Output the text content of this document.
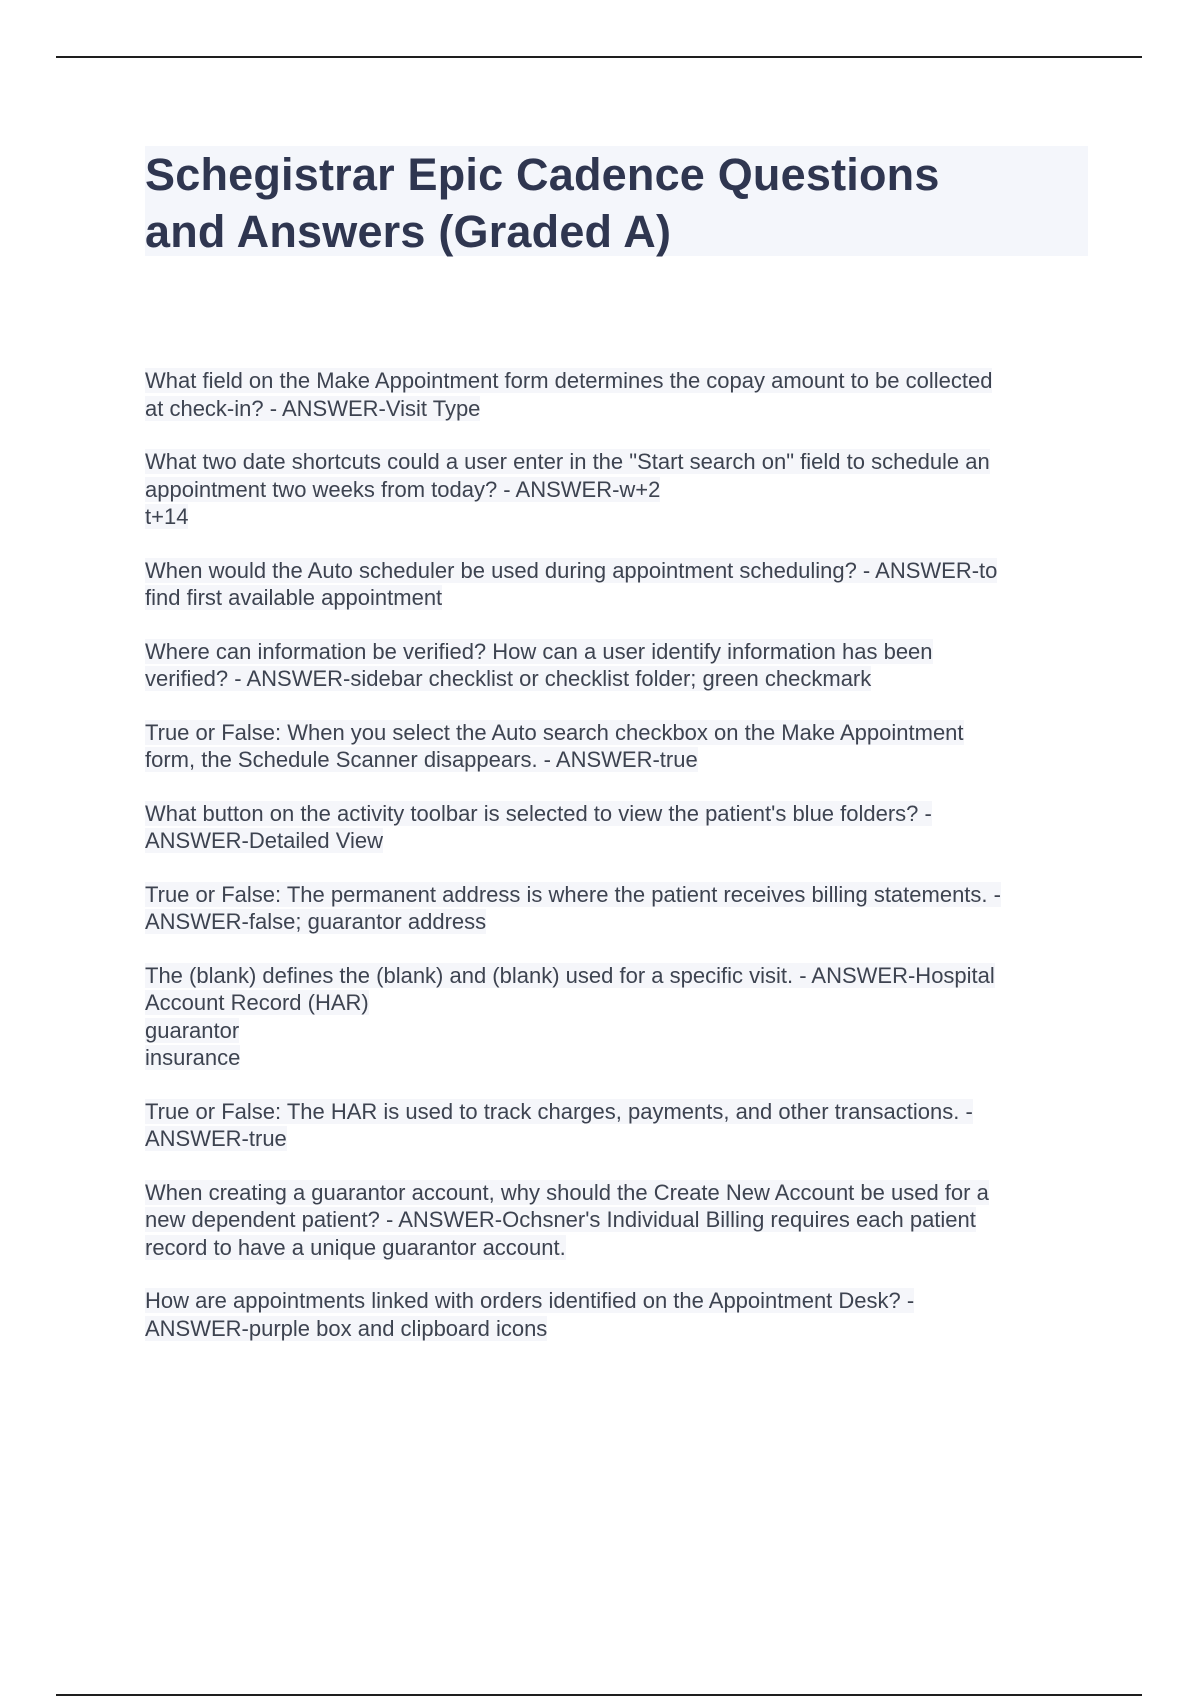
Schegistrar Epic Cadence Questions
and Answers (Graded A)
What field on the Make Appointment form determines the copay amount to be collected
at check-in? - ANSWER-Visit Type
What two date shortcuts could a user enter in the "Start search on" field to schedule an
appointment two weeks from today? - ANSWER-w+2
t+14
When would the Auto scheduler be used during appointment scheduling? - ANSWER-to
find first available appointment
Where can information be verified? How can a user identify information has been
verified? - ANSWER-sidebar checklist or checklist folder; green checkmark
True or False: When you select the Auto search checkbox on the Make Appointment
form, the Schedule Scanner disappears. - ANSWER-true
What button on the activity toolbar is selected to view the patient's blue folders? -
ANSWER-Detailed View
True or False: The permanent address is where the patient receives billing statements. -
ANSWER-false; guarantor address
The (blank) defines the (blank) and (blank) used for a specific visit. - ANSWER-Hospital
Account Record (HAR)
guarantor
insurance
True or False: The HAR is used to track charges, payments, and other transactions. -
ANSWER-true
When creating a guarantor account, why should the Create New Account be used for a
new dependent patient? - ANSWER-Ochsner's Individual Billing requires each patient
record to have a unique guarantor account.
How are appointments linked with orders identified on the Appointment Desk? -
ANSWER-purple box and clipboard icons
